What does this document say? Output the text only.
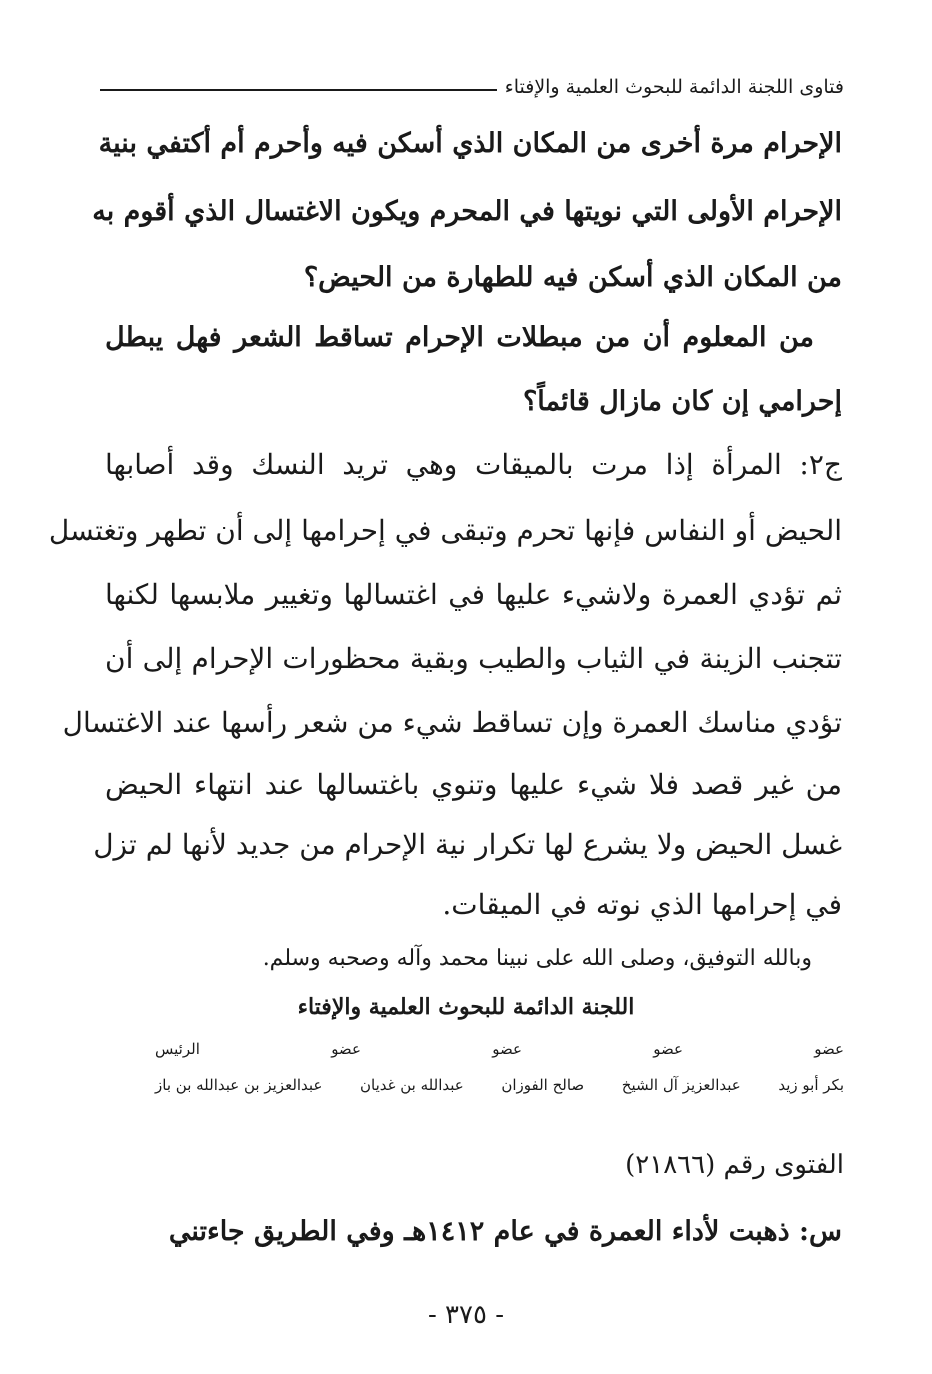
فتاوى اللجنة الدائمة للبحوث العلمية والإفتاء
الإحرام مرة أخرى من المكان الذي أسكن فيه وأحرم أم أكتفي بنية
الإحرام الأولى التي نويتها في المحرم ويكون الاغتسال الذي أقوم به
من المكان الذي أسكن فيه للطهارة من الحيض؟
من المعلوم أن من مبطلات الإحرام تساقط الشعر فهل يبطل
إحرامي إن كان مازال قائماً؟
ج٢: المرأة إذا مرت بالميقات وهي تريد النسك وقد أصابها
الحيض أو النفاس فإنها تحرم وتبقى في إحرامها إلى أن تطهر وتغتسل
ثم تؤدي العمرة ولاشيء عليها في اغتسالها وتغيير ملابسها لكنها
تتجنب الزينة في الثياب والطيب وبقية محظورات الإحرام إلى أن
تؤدي مناسك العمرة وإن تساقط شيء من شعر رأسها عند الاغتسال
من غير قصد فلا شيء عليها وتنوي باغتسالها عند انتهاء الحيض
غسل الحيض ولا يشرع لها تكرار نية الإحرام من جديد لأنها لم تزل
في إحرامها الذي نوته في الميقات.
وبالله التوفيق، وصلى الله على نبينا محمد وآله وصحبه وسلم.
اللجنة الدائمة للبحوث العلمية والإفتاء
عضو
عضو
عضو
عضو
الرئيس
بكر أبو زيد
عبدالعزيز آل الشيخ
صالح الفوزان
عبدالله بن غديان
عبدالعزيز بن عبدالله بن باز
الفتوى رقم (٢١٨٦٦)
س: ذهبت لأداء العمرة في عام ١٤١٢هـ وفي الطريق جاءتني
- ٣٧٥ -
